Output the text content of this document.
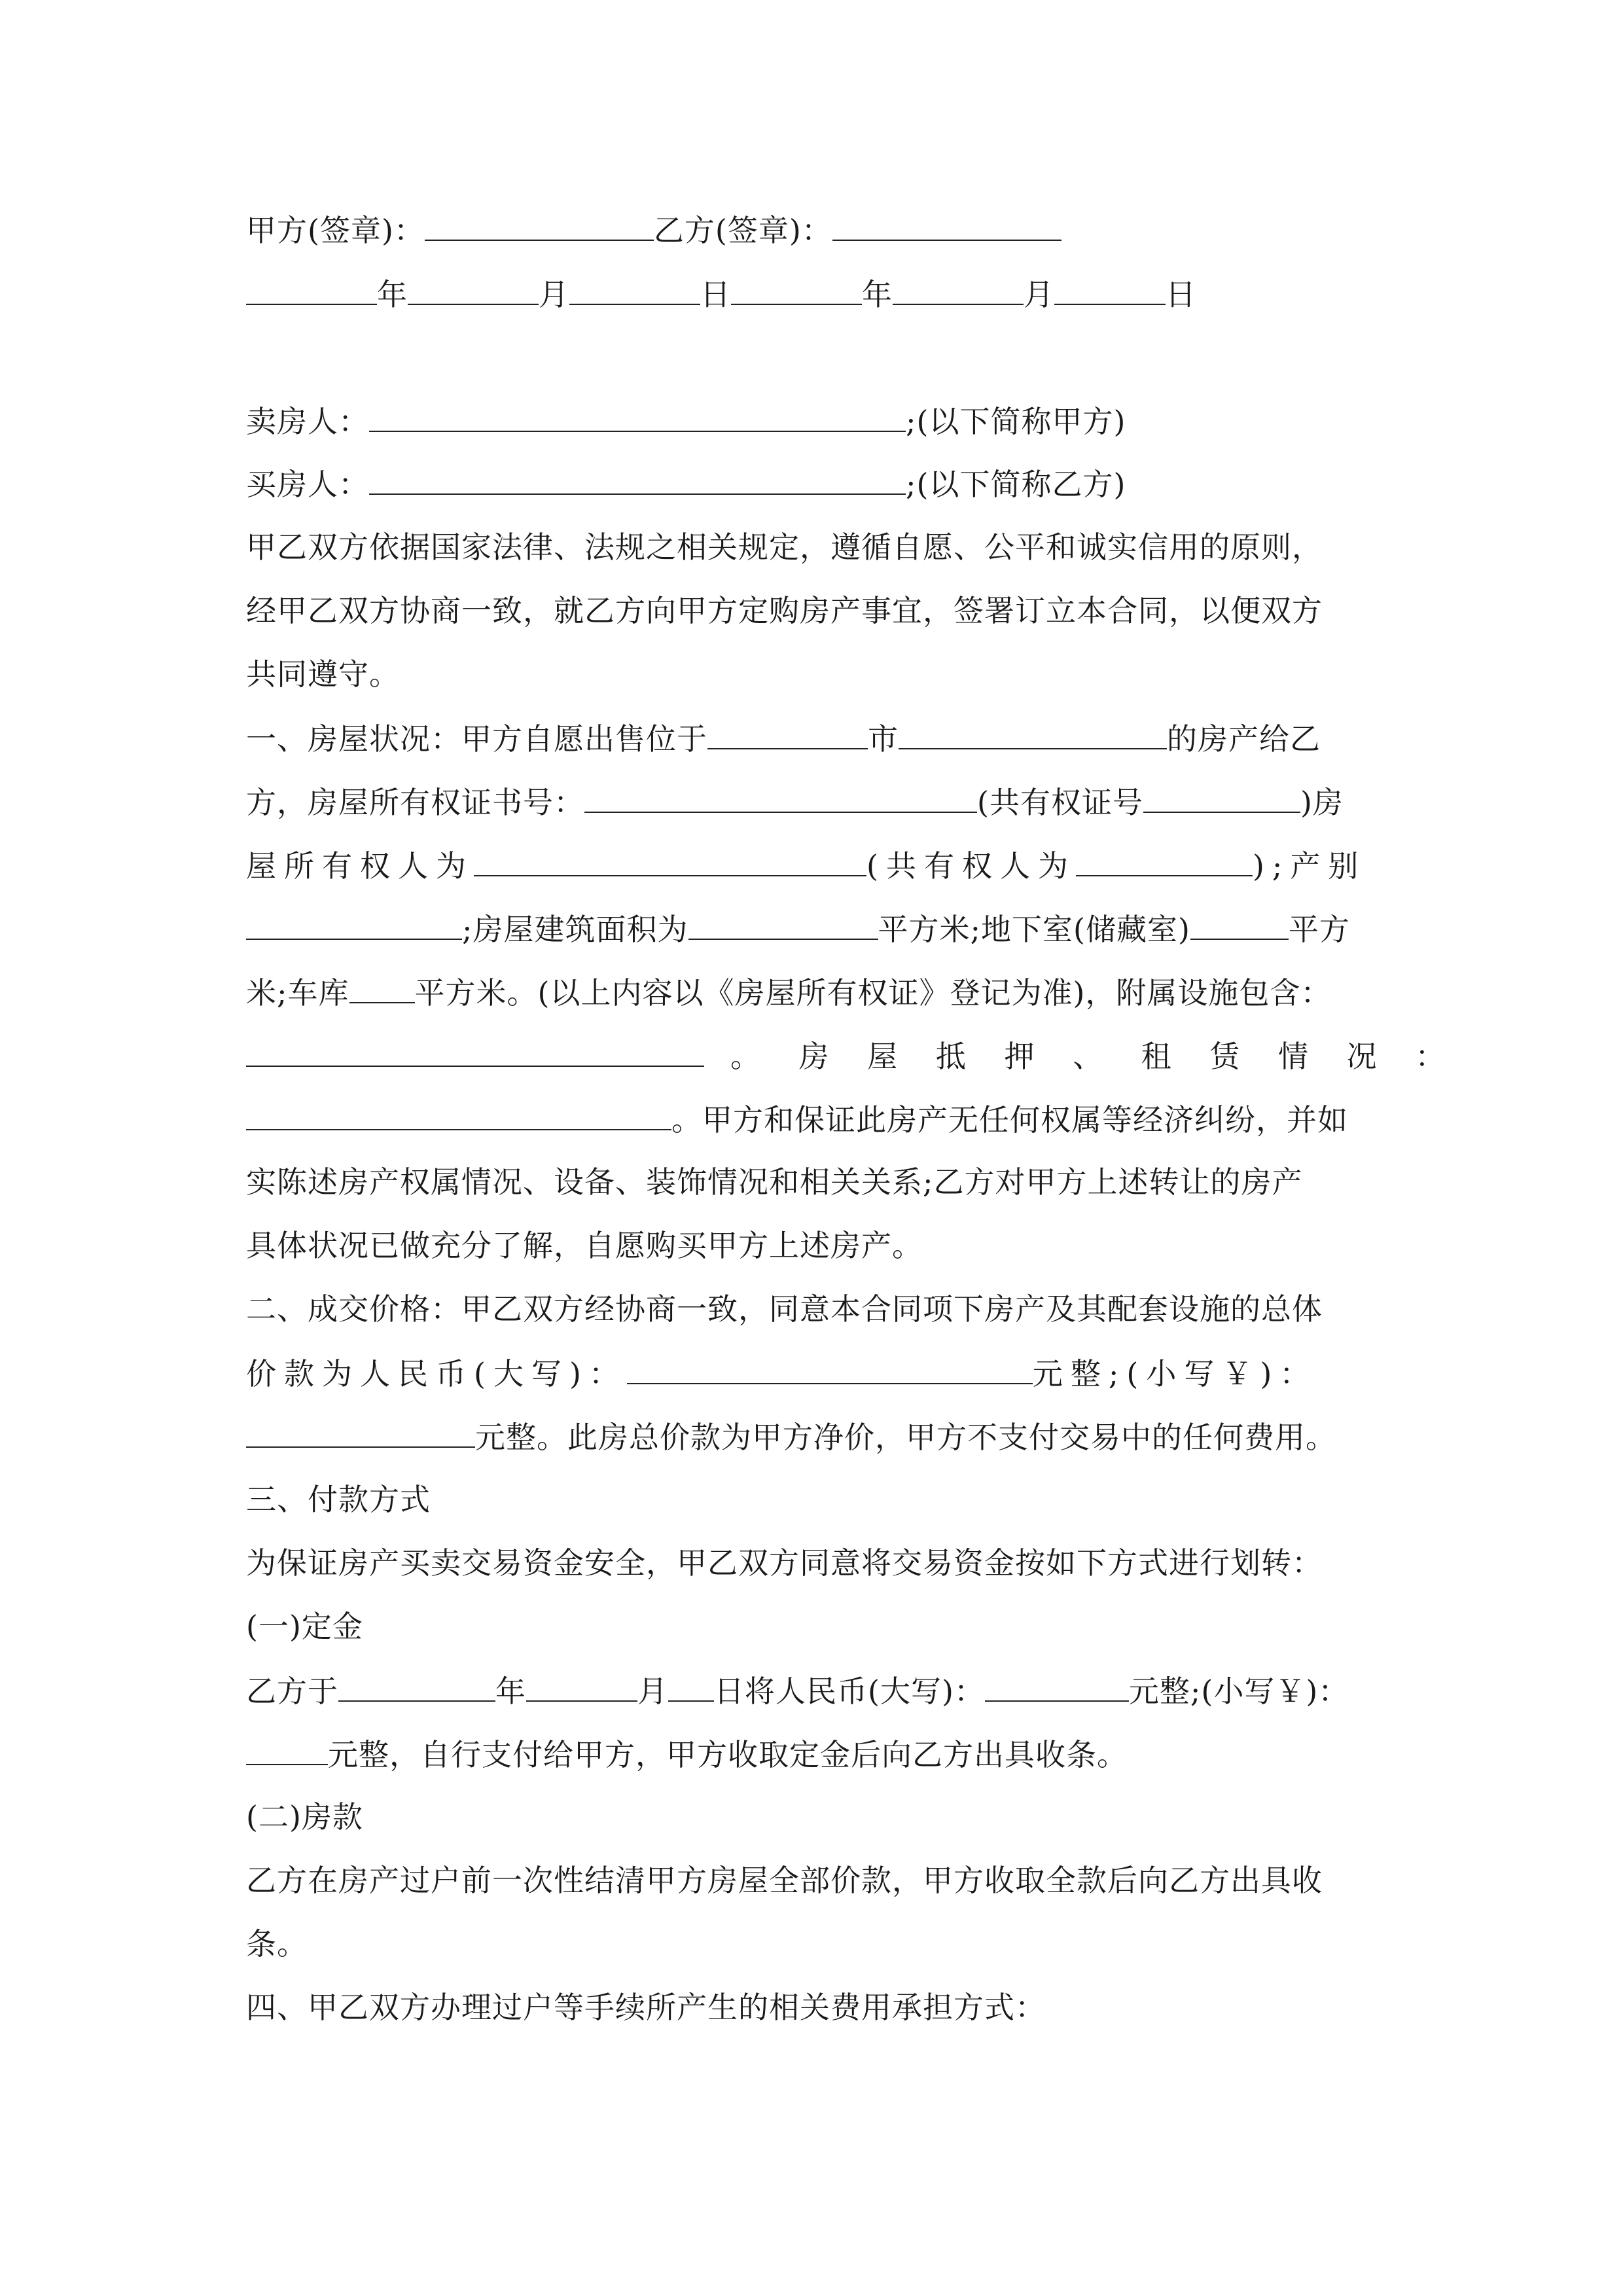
甲方(签章)：	乙方(签章)：
年	月	日	年	月	日
卖房人：	;(以下简称甲方)
买房人：	;(以下简称乙方)
甲乙双方依据国家法律、法规之相关规定，遵循自愿、公平和诚实信用的原则，
经甲乙双方协商一致，就乙方向甲方定购房产事宜，签署订立本合同，以便双方
共同遵守。
一、房屋状况：甲方自愿出售位于	市	的房产给乙
方，房屋所有权证书号：	(共有权证号	)房
屋所有权人为	(共有权人为	);产别
;房屋建筑面积为	平方米;地下室(储藏室)	平方
米;车库 平方米。(以上内容以《房屋所有权证》登记为准)，附属设施包含：
。 房 屋 抵 押 、 租 赁 情 况 ：
。甲方和保证此房产无任何权属等经济纠纷，并如
实陈述房产权属情况、设备、装饰情况和相关关系;乙方对甲方上述转让的房产
具体状况已做充分了解，自愿购买甲方上述房产。
二、成交价格：甲乙双方经协商一致，同意本合同项下房产及其配套设施的总体
价款为人民币(大写)：	元整;(小写￥)：
元整。此房总价款为甲方净价，甲方不支付交易中的任何费用。
三、付款方式
为保证房产买卖交易资金安全，甲乙双方同意将交易资金按如下方式进行划转：
(一)定金
乙方于	年	月 日将人民币(大写)：	元整;(小写￥)：
元整，自行支付给甲方，甲方收取定金后向乙方出具收条。
(二)房款
乙方在房产过户前一次性结清甲方房屋全部价款，甲方收取全款后向乙方出具收
条。
四、甲乙双方办理过户等手续所产生的相关费用承担方式：
